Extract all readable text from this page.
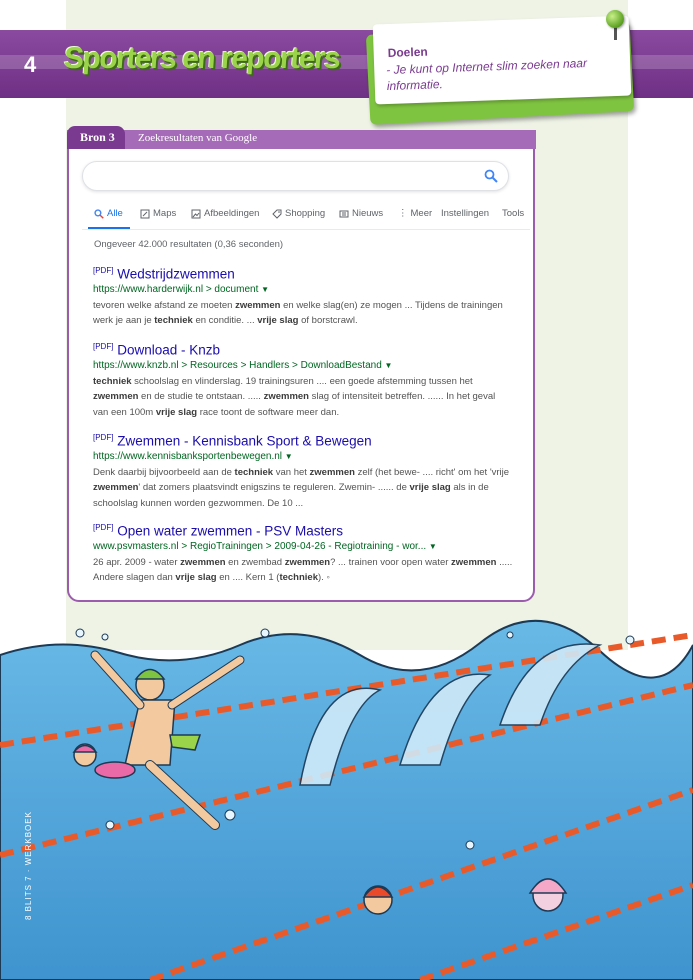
4 Sporters en reporters	Doelen
- Je kunt op Internet slim zoeken naar informatie.
Bron 3 Zoekresultaten van Google
Alle	Maps	Afbeeldingen	Shopping	Nieuws ⋮ Meer Instellingen Tools
Ongeveer 42.000 resultaten (0,36 seconden)
[PDF] Wedstrijdzwemmen
https://www.harderwijk.nl > document ▼
tevoren welke afstand ze moeten zwemmen en welke slag(en) ze mogen ... Tijdens de trainingen werk je aan je techniek en conditie. ... vrije slag of borstcrawl.
[PDF] Download - Knzb
https://www.knzb.nl > Resources > Handlers > DownloadBestand ▼
techniek schoolslag en vlinderslag. 19 trainingsuren .... een goede afstemming tussen het zwemmen en de studie te ontstaan. ..... zwemmen slag of intensiteit betreffen. ...... In het geval van een 100m vrije slag race toont de software meer dan.
[PDF] Zwemmen - Kennisbank Sport & Bewegen
https://www.kennisbanksportenbewegen.nl ▼
Denk daarbij bijvoorbeeld aan de techniek van het zwemmen zelf (het bewe- .... richt' om het 'vrije zwemmen' dat zomers plaatsvindt enigszins te reguleren. Zwemin- ...... de vrije slag als in de schoolslag kunnen worden gezwommen. De 10 ...
[PDF] Open water zwemmen - PSV Masters
www.psvmasters.nl > RegioTrainingen > 2009-04-26 - Regiotraining - wor... ▼
26 apr. 2009 - water zwemmen en zwembad zwemmen? ... trainen voor open water zwemmen ..... Andere slagen dan vrije slag en .... Kern 1 (techniek). ◦
8 BLITS 7 · WERKBOEK
